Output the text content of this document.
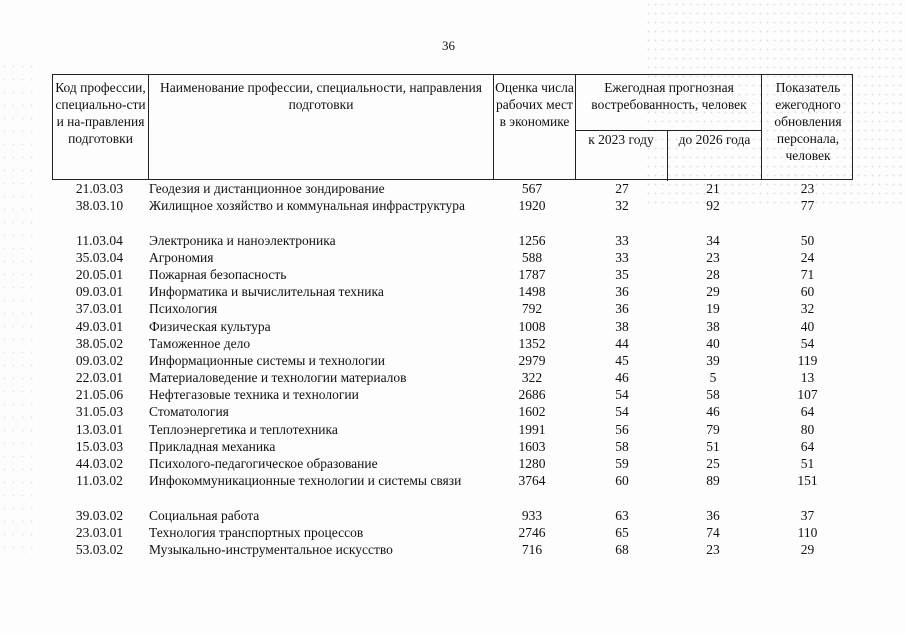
36
Код профессии, специально-сти и на-правления подготовки
Наименование профессии, специальности, направления подготовки
Оценка числа рабочих мест в экономике
Ежегодная прогнозная востребованность, человек
к 2023 году	до 2026 года
Показатель ежегодного обновления персонала, человек
21.03.03	Геодезия и дистанционное зондирование	567	27	21	23
38.03.10	Жилищное хозяйство и коммунальная инфраструктура	1920	32	92	77
11.03.04	Электроника и наноэлектроника	1256	33	34	50
35.03.04	Агрономия	588	33	23	24
20.05.01	Пожарная безопасность	1787	35	28	71
09.03.01	Информатика и вычислительная техника	1498	36	29	60
37.03.01	Психология	792	36	19	32
49.03.01	Физическая культура	1008	38	38	40
38.05.02	Таможенное дело	1352	44	40	54
09.03.02	Информационные системы и технологии	2979	45	39	119
22.03.01	Материаловедение и технологии материалов	322	46	5	13
21.05.06	Нефтегазовые техника и технологии	2686	54	58	107
31.05.03	Стоматология	1602	54	46	64
13.03.01	Теплоэнергетика и теплотехника	1991	56	79	80
15.03.03	Прикладная механика	1603	58	51	64
44.03.02	Психолого-педагогическое образование	1280	59	25	51
11.03.02	Инфокоммуникационные технологии и системы связи	3764	60	89	151
39.03.02	Социальная работа	933	63	36	37
23.03.01	Технология транспортных процессов	2746	65	74	110
53.03.02	Музыкально-инструментальное искусство	716	68	23	29
